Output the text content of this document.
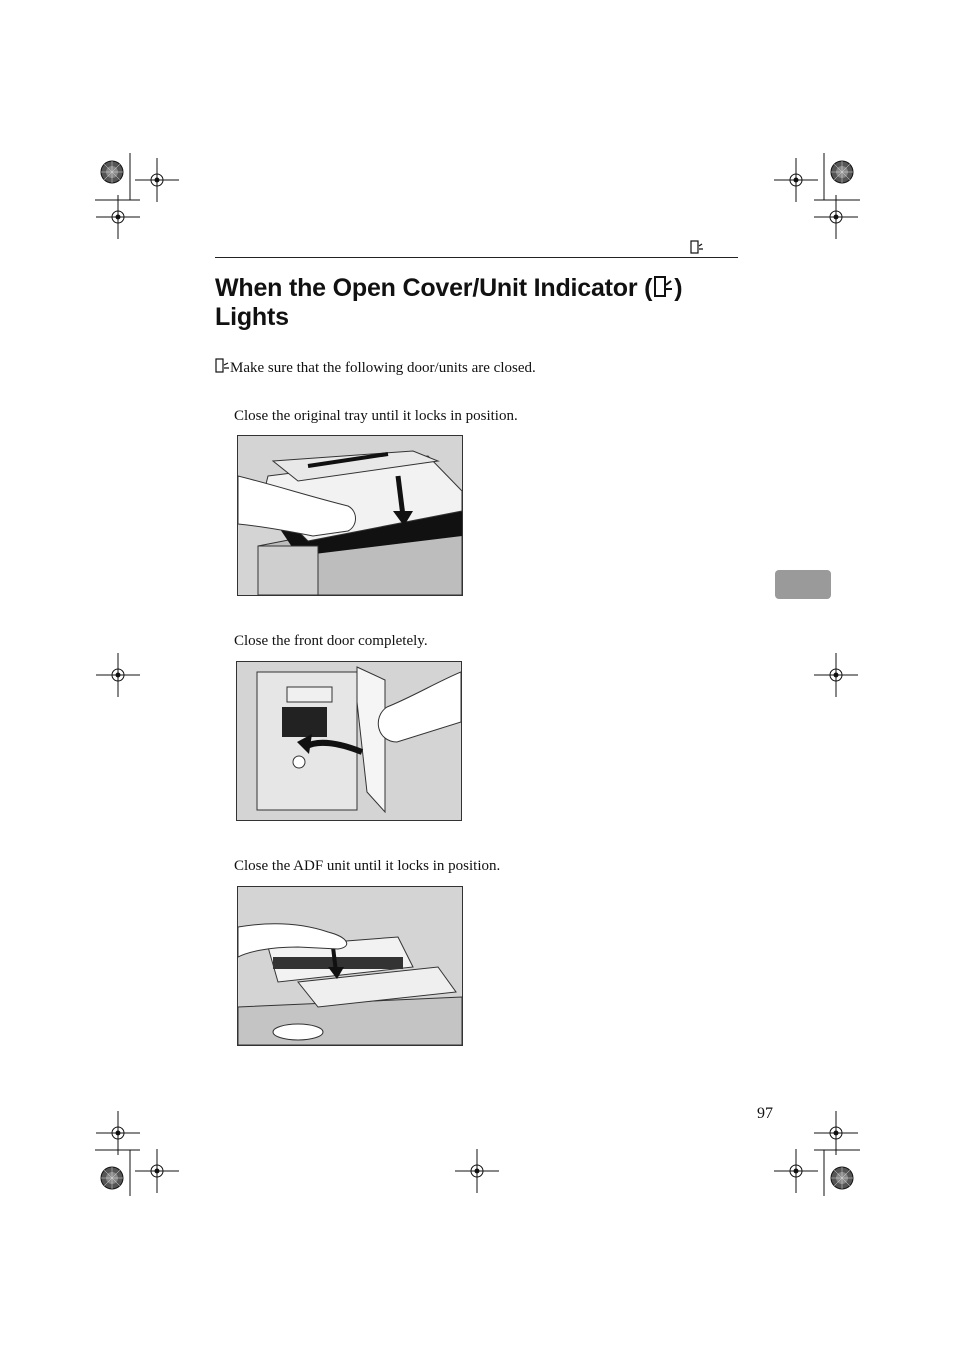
When the Open Cover/Unit Indicator ( )
Lights
Make sure that the following door/units are closed.
Close the original tray until it locks in position.
Close the front door completely.
Close the ADF unit until it locks in position.
97
